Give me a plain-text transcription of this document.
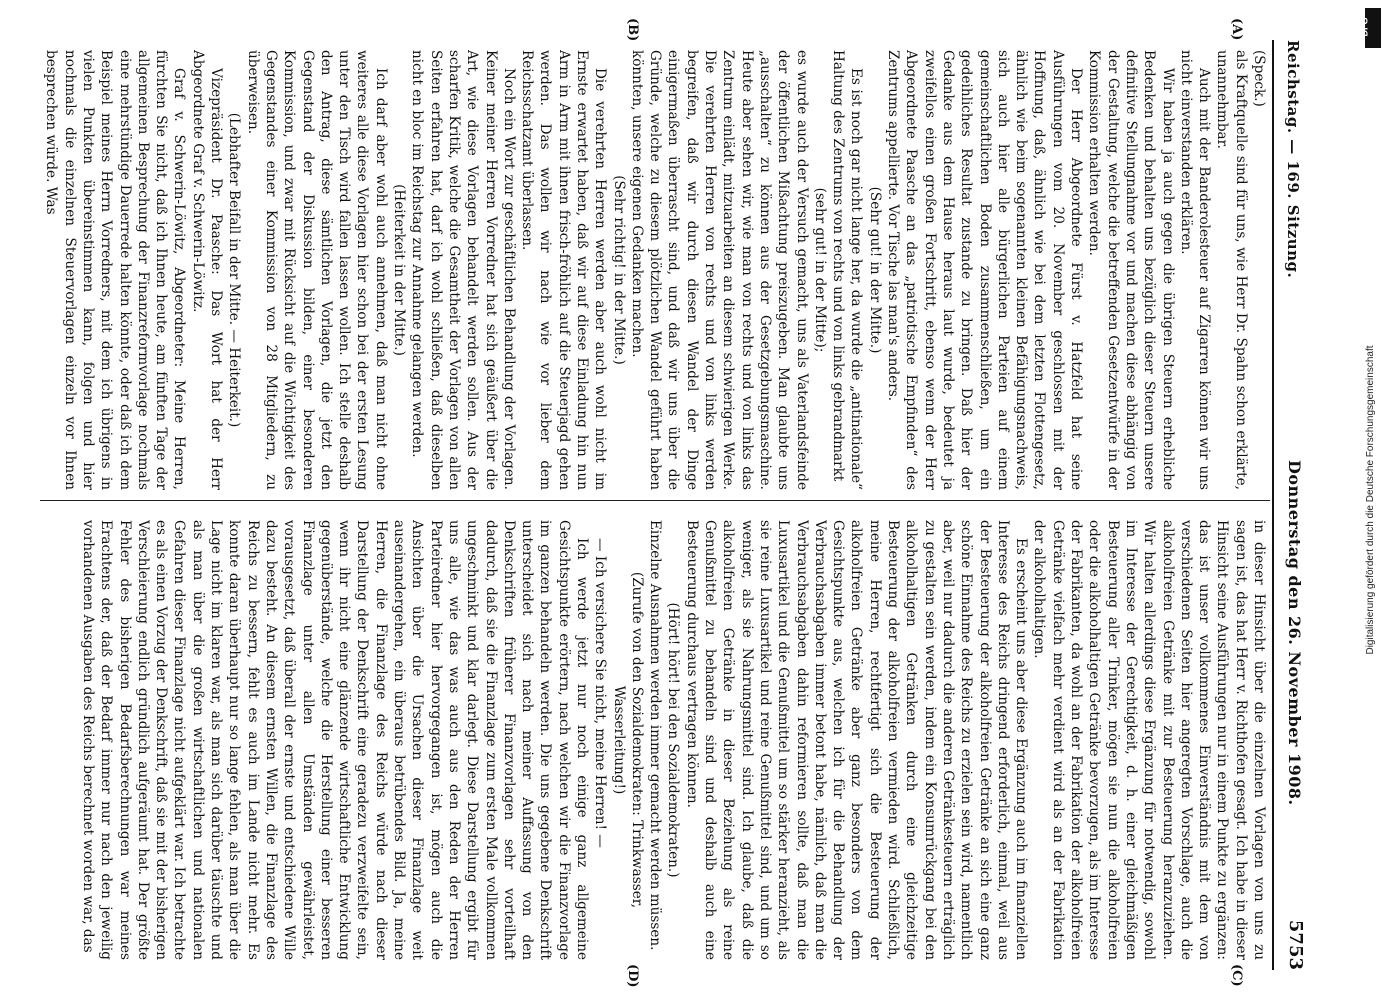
Reichstag. — 169. Sitzung.
Donnerstag den 26. November 1908.
5753
(A)
(B)
(C)
(D)

(Speck.)

als Kraftquelle sind für uns, wie Herr Dr. Spahn schon erklärte, unannehmbar.

Auch mit der Banderolesteuer auf Zigarren können wir uns nicht einverstanden erklären.

Wir haben ja auch gegen die übrigen Steuern erhebliche Bedenken und behalten uns bezüglich dieser Steuern unsere definitive Stellungnahme vor und machen diese abhängig von der Gestaltung, welche die betreffenden Gesetzentwürfe in der Kommission erhalten werden.

Der Herr Abgeordnete Fürst v. Hatzfeld hat seine Ausführungen vom 20. November geschlossen mit der Hoffnung, daß, ähnlich wie bei dem letzten Flottengesetz, ähnlich wie beim sogenannten kleinen Befähigungsnachweis, sich auch hier alle bürgerlichen Parteien auf einem gemeinschaftlichen Boden zusammenschließen, um ein gedeihliches Resultat zustande zu bringen. Daß hier der Gedanke aus dem Hause heraus laut wurde, bedeutet ja zweifellos einen großen Fortschritt, ebenso wenn der Herr Abgeordnete Paasche an das „patriotische Empfinden“ des Zentrums appellierte. Vor Tische las man's anders.

(Sehr gut! in der Mitte.)

Es ist noch gar nicht lange her, da wurde die „antinationale“ Haltung des Zentrums von rechts und von links gebrandmarkt

(sehr gut! in der Mitte);

es wurde auch der Versuch gemacht, uns als Vaterlandsfeinde der öffentlichen Mißachtung preiszugeben. Man glaubte uns „ausschalten“ zu können aus der Gesetzgebungsmaschine. Heute aber sehen wir, wie man von rechts und von links das Zentrum einlädt, mitzuarbeiten an diesem schwierigen Werke. Die verehrten Herren von rechts und von links werden begreifen, daß wir durch diesen Wandel der Dinge einigermaßen überrascht sind, und daß wir uns über die Gründe, welche zu diesem plötzlichen Wandel geführt haben könnten, unsere eigenen Gedanken machen.

(Sehr richtig! in der Mitte.)

Die verehrten Herren werden aber auch wohl nicht im Ernste erwartet haben, daß wir auf diese Einladung hin nun Arm in Arm mit ihnen frisch-fröhlich auf die Steuerjagd gehen werden. Das wollen wir nach wie vor lieber dem Reichsschatzamt überlassen.

Noch ein Wort zur geschäftlichen Behandlung der Vorlagen. Keiner meiner Herren Vorredner hat sich geäußert über die Art, wie diese Vorlagen behandelt werden sollen. Aus der scharfen Kritik, welche die Gesamtheit der Vorlagen von allen Seiten erfahren hat, darf ich wohl schließen, daß dieselben nicht en bloc im Reichstag zur Annahme gelangen werden.

(Heiterkeit in der Mitte.)

Ich darf aber wohl auch annehmen, daß man nicht ohne weiteres alle diese Vorlagen hier schon bei der ersten Lesung unter den Tisch wird fallen lassen wollen. Ich stelle deshalb den Antrag, diese sämtlichen Vorlagen, die jetzt den Gegenstand der Diskussion bilden, einer besonderen Kommission, und zwar mit Rücksicht auf die Wichtigkeit des Gegenstandes einer Kommission von 28 Mitgliedern, zu überweisen.

(Lebhafter Beifall in der Mitte. — Heiterkeit.)

Vizepräsident Dr. Paasche: Das Wort hat der Herr Abgeordnete Graf v. Schwerin-Löwitz.

Graf v. Schwerin-Löwitz, Abgeordneter: Meine Herren, fürchten Sie nicht, daß ich Ihnen heute, am fünften Tage der allgemeinen Besprechung der Finanzreformvorlage nochmals eine mehrstündige Dauerrede halten könnte, oder daß ich dem Beispiel meines Herrn Vorredners, mit dem ich übrigens in vielen Punkten übereinstimmen kann, folgen und hier nochmals die einzelnen Steuervorlagen einzeln vor Ihnen besprechen würde. Was

in dieser Hinsicht über die einzelnen Vorlagen von uns zu sagen ist, das hat Herr v. Richthofen gesagt. Ich habe in dieser Hinsicht seine Ausführungen nur in einem Punkte zu ergänzen: das ist unser vollkommenes Einverständnis mit dem von verschiedenen Seiten hier angeregten Vorschlage, auch die alkoholfreien Getränke mit zur Besteuerung heranzuziehen. Wir halten allerdings diese Ergänzung für notwendig, sowohl im Interesse der Gerechtigkeit, d. h. einer gleichmäßigen Besteuerung aller Trinker, mögen sie nun die alkoholfreien oder die alkoholhaltigen Getränke bevorzugen, als im Interesse der Fabrikanten, da wohl an der Fabrikation der alkoholfreien Getränke vielfach mehr verdient wird als an der Fabrikation der alkoholhaltigen.

Es erscheint uns aber diese Ergänzung auch im finanziellen Interesse des Reichs dringend erforderlich, einmal, weil aus der Besteuerung der alkoholfreien Getränke an sich eine ganz schöne Einnahme des Reichs zu erzielen sein wird, namentlich aber, weil nur dadurch die anderen Getränkesteuern erträglich zu gestalten sein werden, indem ein Konsumrückgang bei den alkoholhaltigen Getränken durch eine gleichzeitige Besteuerung der alkoholfreien vermieden wird. Schließlich, meine Herren, rechtfertigt sich die Besteuerung der alkoholfreien Getränke aber ganz besonders von dem Gesichtspunkte aus, welchen ich für die Behandlung der Verbrauchsabgaben immer betont habe, nämlich, daß man die Verbrauchsabgaben dahin reformieren sollte, daß man die Luxusartikel und die Genußmittel um so stärker heranzieht, als sie reine Luxusartikel und reine Genußmittel sind, und um so weniger, als sie Nahrungsmittel sind. Ich glaube, daß die alkoholfreien Getränke in dieser Beziehung als reine Genußmittel zu behandeln sind und deshalb auch eine Besteuerung durchaus vertragen können.

(Hört! hört! bei den Sozialdemokraten.)

Einzelne Ausnahmen werden immer gemacht werden müssen.

(Zurufe von den Sozialdemokraten: Trinkwasser, Wasserleitung!)

— Ich versichere Sie nicht, meine Herren! —

Ich werde jetzt nur noch einige ganz allgemeine Gesichtspunkte erörtern, nach welchen wir die Finanzvorlage im ganzen behandeln werden. Die uns gegebene Denkschrift unterscheidet sich nach meiner Auffassung von den Denkschriften früherer Finanzvorlagen sehr vorteilhaft dadurch, daß sie die Finanzlage zum ersten Male vollkommen ungeschminkt und klar darlegt. Diese Darstellung ergibt für uns alle, wie das was auch aus den Reden der Herren Parteiredner hier hervorgegangen ist, mögen auch die Ansichten über die Ursachen dieser Finanzlage weit auseinandergehen, ein überaus betrübendes Bild. Ja, meine Herren, die Finanzlage des Reichs würde nach dieser Darstellung der Denkschrift eine geradezu verzweifelte sein, wenn ihr nicht eine glänzende wirtschaftliche Entwicklung gegenüberstände, welche die Herstellung einer besseren Finanzlage unter allen Umständen gewährleistet, vorausgesetzt, daß überall der ernste und entschiedene Wille dazu besteht. An diesem ernsten Willen, die Finanzlage des Reichs zu bessern, fehlt es auch im Lande nicht mehr. Es konnte daran überhaupt nur so lange fehlen, als man über die Lage nicht im klaren war, als man sich darüber täuschte und als man über die großen wirtschaftlichen und nationalen Gefahren dieser Finanzlage nicht aufgeklärt war. Ich betrachte es als einen Vorzug der Denkschrift, daß sie mit der bisherigen Verschleierung endlich gründlich aufgeräumt hat. Der größte Fehler des bisherigen Bedarfsberechnungen war meines Erachtens der, daß der Bedarf immer nur nach den jeweilig vorhandenen Ausgaben des Reichs berechnet worden war, das

Digitalisierung gefördert durch die Deutsche Forschungsgemeinschaft
DFG
